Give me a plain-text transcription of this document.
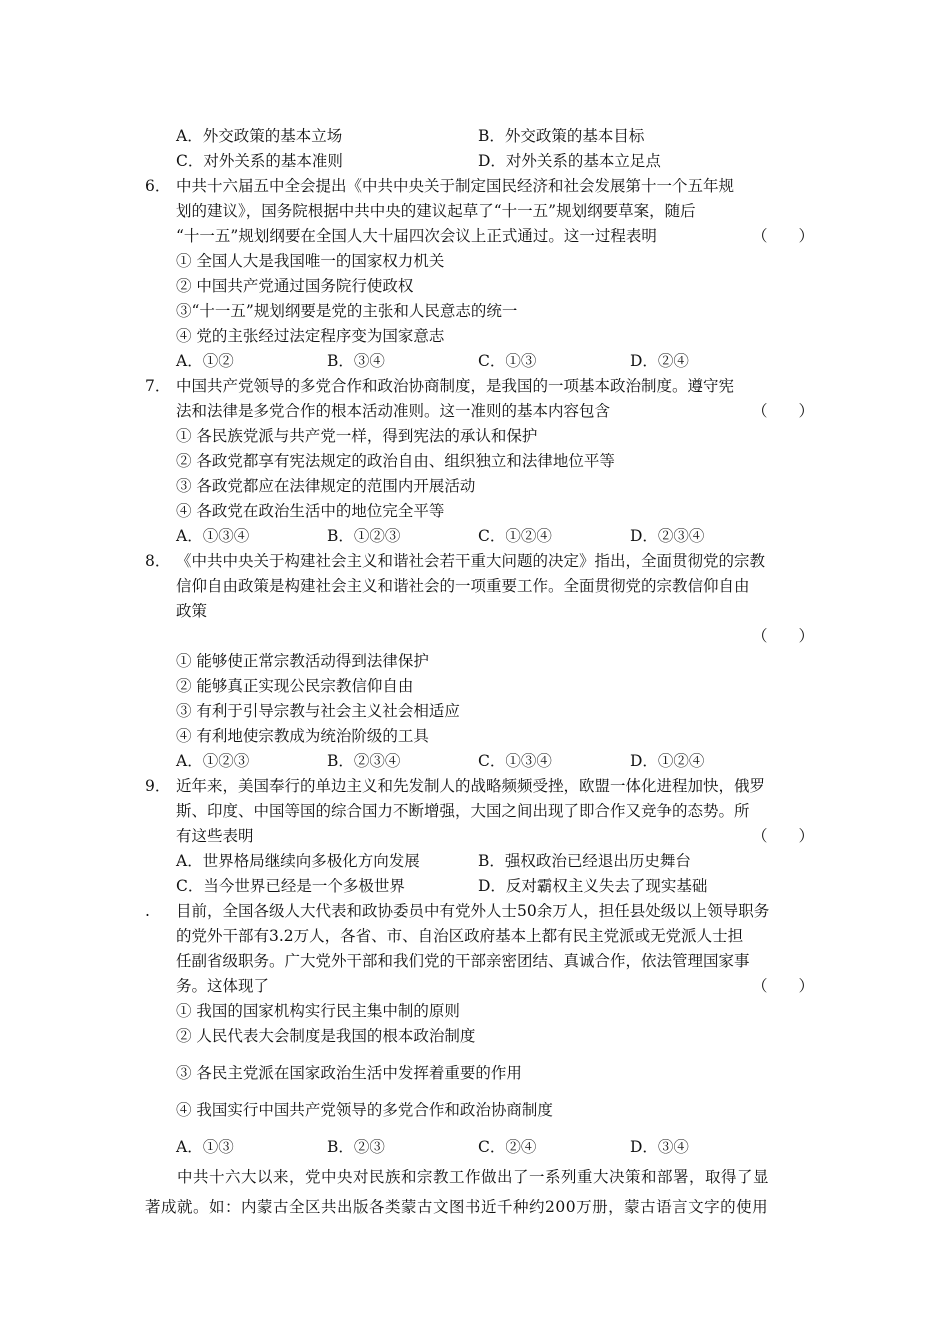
A．外交政策的基本立场	B．外交政策的基本目标
C．对外关系的基本准则	D．对外关系的基本立足点
6． 中共十六届五中全会提出《中共中央关于制定国民经济和社会发展第十一个五年规
划的建议》，国务院根据中共中央的建议起草了“十一五”规划纲要草案，随后
“十一五”规划纲要在全国人大十届四次会议上正式通过。这一过程表明	（　　）
① 全国人大是我国唯一的国家权力机关
② 中国共产党通过国务院行使政权
③“十一五”规划纲要是党的主张和人民意志的统一
④ 党的主张经过法定程序变为国家意志
A．①②	B．③④	C．①③	D．②④
7． 中国共产党领导的多党合作和政治协商制度，是我国的一项基本政治制度。遵守宪
法和法律是多党合作的根本活动准则。这一准则的基本内容包含	（　　）
① 各民族党派与共产党一样，得到宪法的承认和保护
② 各政党都享有宪法规定的政治自由、组织独立和法律地位平等
③ 各政党都应在法律规定的范围内开展活动
④ 各政党在政治生活中的地位完全平等
A．①③④	B．①②③	C．①②④	D．②③④
8． 《中共中央关于构建社会主义和谐社会若干重大问题的决定》指出，全面贯彻党的宗教
信仰自由政策是构建社会主义和谐社会的一项重要工作。全面贯彻党的宗教信仰自由
政策
（　　）
① 能够使正常宗教活动得到法律保护
② 能够真正实现公民宗教信仰自由
③ 有利于引导宗教与社会主义社会相适应
④ 有利地使宗教成为统治阶级的工具
A．①②③	B．②③④	C．①③④	D．①②④
9． 近年来，美国奉行的单边主义和先发制人的战略频频受挫，欧盟一体化进程加快，俄罗
斯、印度、中国等国的综合国力不断增强，大国之间出现了即合作又竞争的态势。所
有这些表明	（　　）
A．世界格局继续向多极化方向发展	B．强权政治已经退出历史舞台
C．当今世界已经是一个多极世界	D．反对霸权主义失去了现实基础
. 目前，全国各级人大代表和政协委员中有党外人士50余万人，担任县处级以上领导职务
的党外干部有3.2万人，各省、市、自治区政府基本上都有民主党派或无党派人士担
任副省级职务。广大党外干部和我们党的干部亲密团结、真诚合作，依法管理国家事
务。这体现了	（　　）
① 我国的国家机构实行民主集中制的原则
② 人民代表大会制度是我国的根本政治制度
③ 各民主党派在国家政治生活中发挥着重要的作用
④ 我国实行中国共产党领导的多党合作和政治协商制度
A．①③	B．②③	C．②④	D．③④
　　中共十六大以来，党中央对民族和宗教工作做出了一系列重大决策和部署，取得了显
著成就。如：内蒙古全区共出版各类蒙古文图书近千种约200万册，蒙古语言文字的使用
